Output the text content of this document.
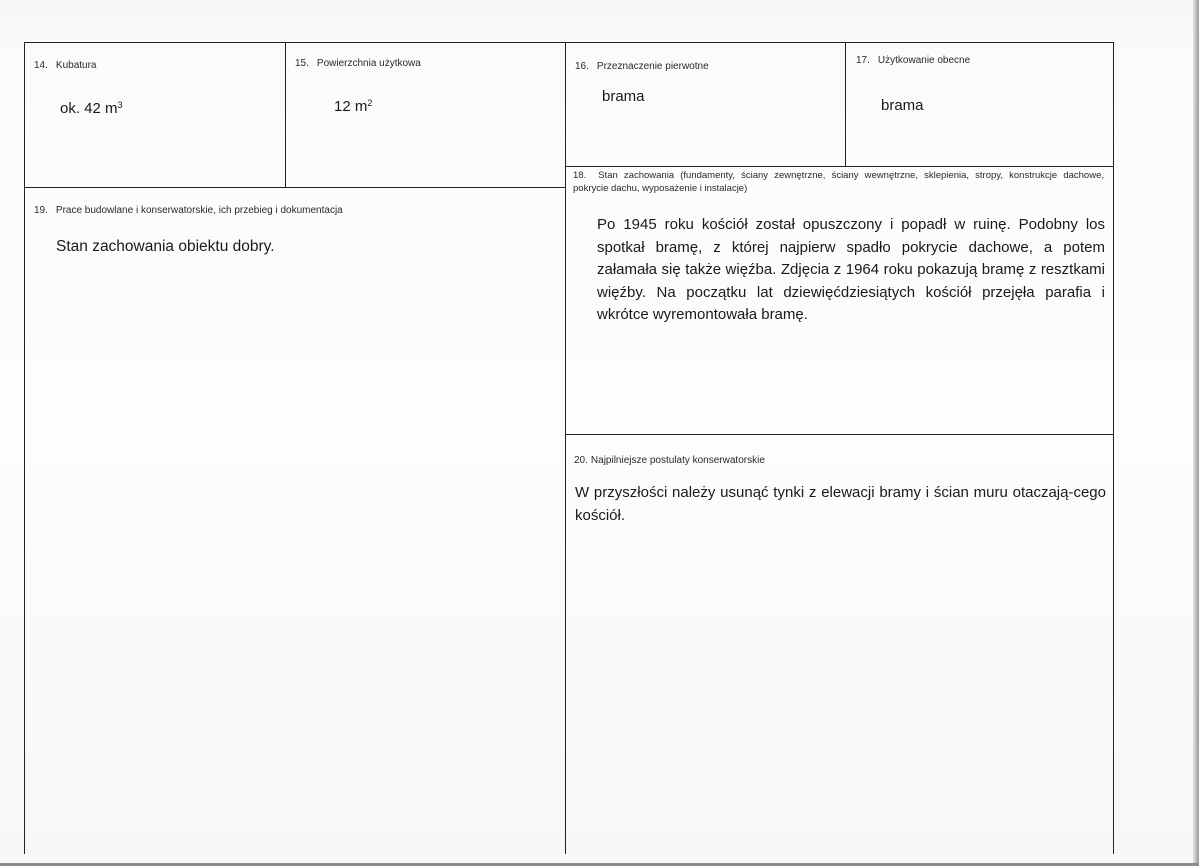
14. Kubatura
ok. 42 $m^3$
15. Powierzchnia użytkowa
12 $m^2$
16. Przeznaczenie pierwotne
brama
17. Użytkowanie obecne
brama
18. Stan zachowania (fundamenty, ściany zewnętrzne, ściany wewnętrzne, sklepienia, stropy, konstrukcje dachowe, pokrycie dachu, wyposażenie i instalacje)
Po 1945 roku kościół został opuszczony i popadł w ruinę. Podobny los spotkał bramę, z której najpierw spadło pokrycie dachowe, a potem załamała się także więźba. Zdjęcia z 1964 roku pokazują bramę z resztkami więźby. Na początku lat dziewięćdziesiątych kościół przejęła parafia i wkrótce wyremontowała bramę.
19. Prace budowlane i konserwatorskie, ich przebieg i dokumentacja
Stan zachowania obiektu dobry.
20. Najpilniejsze postulaty konserwatorskie
W przyszłości należy usunąć tynki z elewacji bramy i ścian muru otaczają-cego kościół.
